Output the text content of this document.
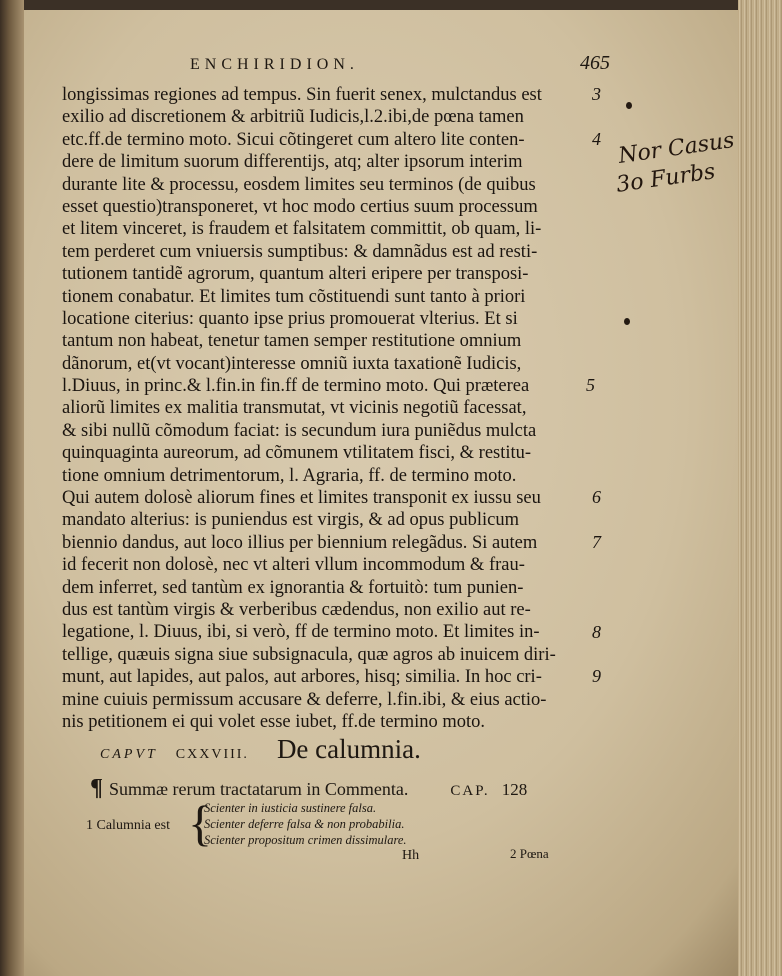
ENCHIRIDION.	465
longissimas regiones ad tempus. Sin fuerit senex, mulctandus est
exilio ad discretionem & arbitriũ Iudicis,l.2.ibi,de pœna tamen
etc.ff.de termino moto. Sicui cõtingeret cum altero lite conten-
dere de limitum suorum differentijs, atq; alter ipsorum interim
durante lite & processu, eosdem limites seu terminos (de quibus
esset questio)transponeret, vt hoc modo certius suum processum
et litem vinceret, is fraudem et falsitatem committit, ob quam, li-
tem perderet cum vniuersis sumptibus: & damnãdus est ad resti-
tutionem tantidẽ agrorum, quantum alteri eripere per transposi-
tionem conabatur. Et limites tum cõstituendi sunt tanto à priori
locatione citerius: quanto ipse prius promouerat vlterius. Et si
tantum non habeat, tenetur tamen semper restitutione omnium
dãnorum, et(vt vocant)interesse omniũ iuxta taxationẽ Iudicis,
l.Diuus, in princ.& l.fin.in fin.ff de termino moto. Qui præterea
aliorũ limites ex malitia transmutat, vt vicinis negotiũ facessat,
& sibi nullũ cõmodum faciat: is secundum iura puniẽdus mulcta
quinquaginta aureorum, ad cõmunem vtilitatem fisci, & restitu-
tione omnium detrimentorum, l. Agraria, ff. de termino moto.
Qui autem dolosè aliorum fines et limites transponit ex iussu seu
mandato alterius: is puniendus est virgis, & ad opus publicum
biennio dandus, aut loco illius per biennium relegãdus. Si autem
id fecerit non dolosè, nec vt alteri vllum incommodum & frau-
dem inferret, sed tantùm ex ignorantia & fortuitò: tum punien-
dus est tantùm virgis & verberibus cædendus, non exilio aut re-
legatione, l. Diuus, ibi, si verò, ff de termino moto. Et limites in-
tellige, quæuis signa siue subsignacula, quæ agros ab inuicem diri-
munt, aut lapides, aut palos, aut arbores, hisq; similia. In hoc cri-
mine cuiuis permissum accusare & deferre, l.fin.ibi, & eius actio-
nis petitionem ei qui volet esse iubet, ff.de termino moto.
3
4
5
6
7
8
9
Nor Casus
3o Furbs
CAPVT CXXVIII. De calumnia.
¶ Summæ rerum tractatarum in Commenta.	CAP. 128
1 Calumnia est {
Scienter in iusticia sustinere falsa.
Scienter deferre falsa & non probabilia.
Scienter propositum crimen dissimulare.
Hh	2 Pœna
